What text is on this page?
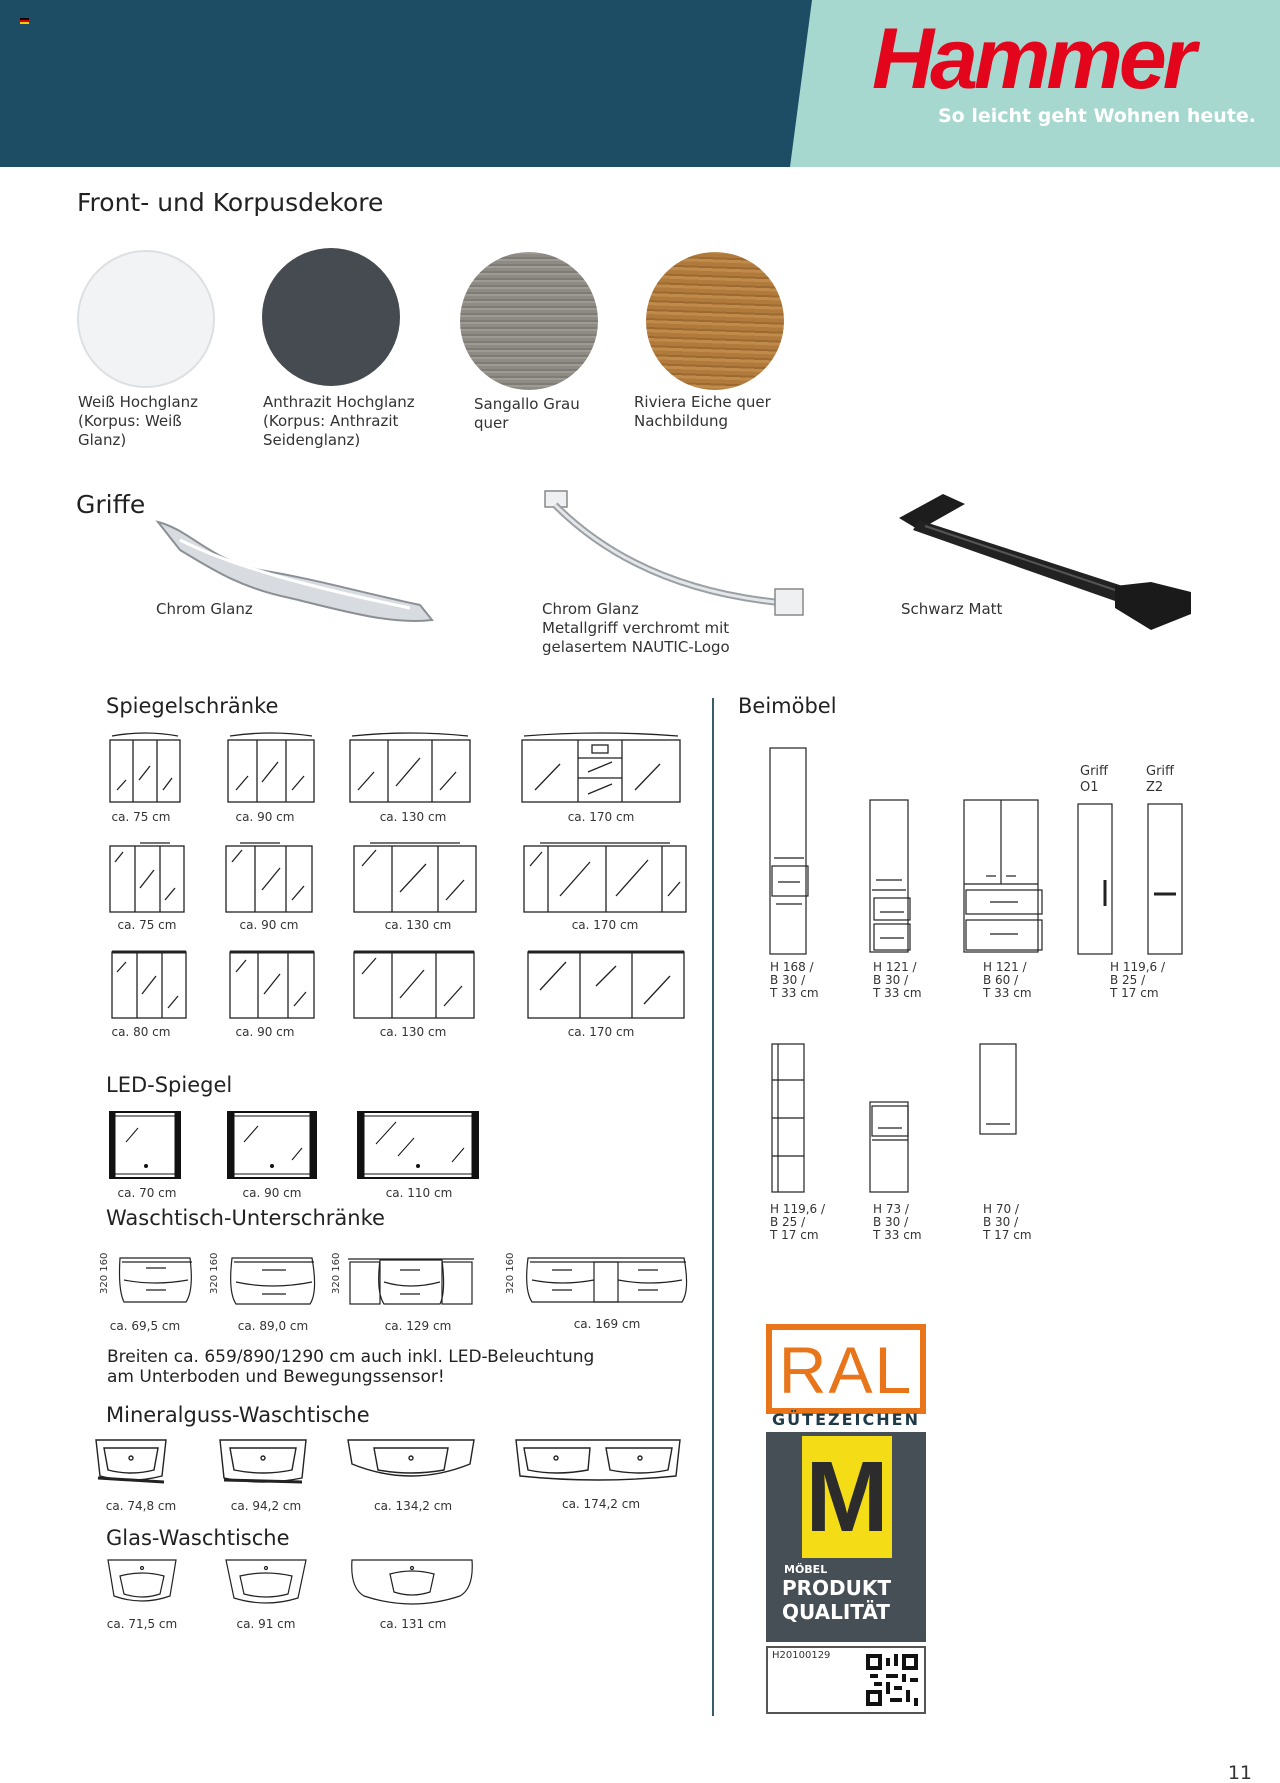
Hammer
So leicht geht Wohnen heute.
Front- und Korpusdekore
Weiß Hochglanz
(Korpus: Weiß
Glanz)
Anthrazit Hochglanz
(Korpus: Anthrazit
Seidenglanz)
Sangallo Grau
quer
Riviera Eiche quer
Nachbildung
Griffe
Chrom Glanz	Chrom Glanz
Metallgriff verchromt mit
gelasertem NAUTIC-Logo
Schwarz Matt
Spiegelschränke
ca. 75 cm	ca. 90 cm	ca. 130 cm	ca. 170 cm
ca. 75 cm	ca. 90 cm	ca. 130 cm	ca. 170 cm
ca. 80 cm	ca. 90 cm	ca. 130 cm	ca. 170 cm
LED-Spiegel
ca. 70 cm	ca. 90 cm	ca. 110 cm
Waschtisch-Unterschränke
320 160	320 160	320 160	320 160
ca. 69,5 cm	ca. 89,0 cm	ca. 129 cm	ca. 169 cm
Breiten ca. 659/890/1290 cm auch inkl. LED-Beleuchtung
am Unterboden und Bewegungssensor!
Mineralguss-Waschtische
ca. 74,8 cm	ca. 94,2 cm	ca. 134,2 cm	ca. 174,2 cm
Glas-Waschtische
ca. 71,5 cm	ca. 91 cm	ca. 131 cm
Beimöbel
Griff
O1
Griff
Z2
H 168 /
B 30 /
T 33 cm
H 121 /
B 30 /
T 33 cm
H 121 /
B 60 /
T 33 cm
H 119,6 /
B 25 /
T 17 cm
H 119,6 /
B 25 /
T 17 cm
H 73 /
B 30 /
T 33 cm
H 70 /
B 30 /
T 17 cm
RAL
GÜTEZEICHEN
M
MÖBEL
PRODUKT
QUALITÄT
H20100129
11
